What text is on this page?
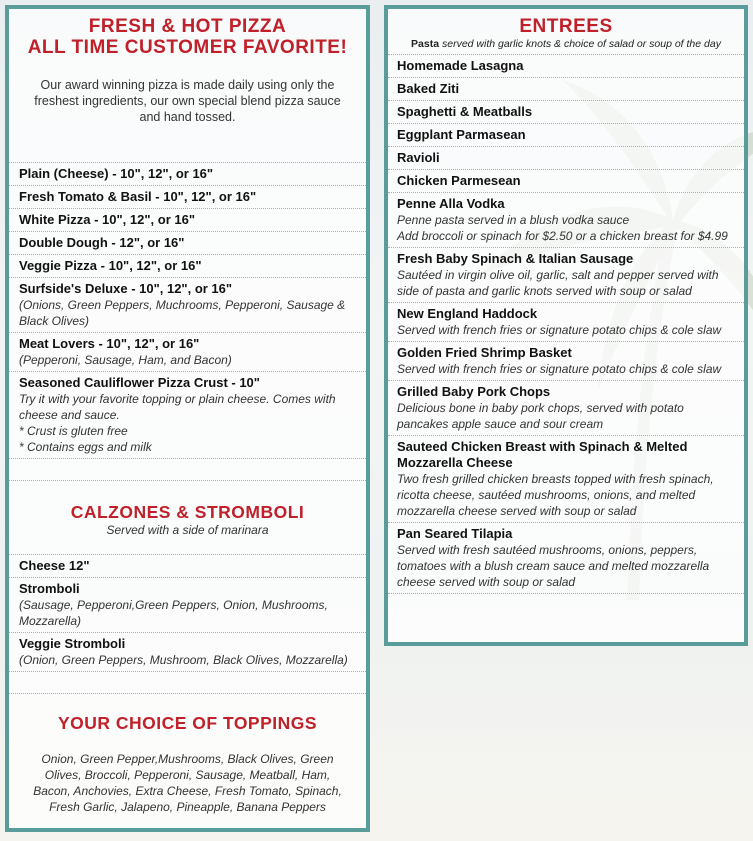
FRESH & HOT PIZZA
ALL TIME CUSTOMER FAVORITE!
Our award winning pizza is made daily using only the freshest ingredients, our own special blend pizza sauce and hand tossed.
Plain (Cheese) - 10", 12", or 16"
Fresh Tomato & Basil - 10", 12", or 16"
White Pizza - 10", 12", or 16"
Double Dough - 12", or 16"
Veggie Pizza - 10", 12", or 16"
Surfside's Deluxe - 10", 12", or 16"
(Onions, Green Peppers, Muchrooms, Pepperoni, Sausage & Black Olives)
Meat Lovers - 10", 12", or 16"
(Pepperoni, Sausage, Ham, and Bacon)
Seasoned Cauliflower Pizza Crust - 10"
Try it with your favorite topping or plain cheese. Comes with cheese and sauce.
* Crust is gluten free
* Contains eggs and milk
CALZONES & STROMBOLI
Served with a side of marinara
Cheese 12"
Stromboli
(Sausage, Pepperoni,Green Peppers, Onion, Mushrooms, Mozzarella)
Veggie Stromboli
(Onion, Green Peppers, Mushroom, Black Olives, Mozzarella)
YOUR CHOICE OF TOPPINGS
Onion, Green Pepper,Mushrooms, Black Olives, Green Olives, Broccoli, Pepperoni, Sausage, Meatball, Ham, Bacon, Anchovies, Extra Cheese, Fresh Tomato, Spinach, Fresh Garlic, Jalapeno, Pineapple, Banana Peppers
ENTREES
Pasta served with garlic knots & choice of salad or soup of the day
Homemade Lasagna
Baked Ziti
Spaghetti & Meatballs
Eggplant Parmasean
Ravioli
Chicken Parmesean
Penne Alla Vodka
Penne pasta served in a blush vodka sauce
Add broccoli or spinach for $2.50 or a chicken breast for $4.99
Fresh Baby Spinach & Italian Sausage
Sautéed in virgin olive oil, garlic, salt and pepper served with side of pasta and garlic knots served with soup or salad
New England Haddock
Served with french fries or signature potato chips & cole slaw
Golden Fried Shrimp Basket
Served with french fries or signature potato chips & cole slaw
Grilled Baby Pork Chops
Delicious bone in baby pork chops, served with potato pancakes apple sauce and sour cream
Sauteed Chicken Breast with Spinach & Melted Mozzarella Cheese
Two fresh grilled chicken breasts topped with fresh spinach, ricotta cheese, sautéed mushrooms, onions, and melted mozzarella cheese served with soup or salad
Pan Seared Tilapia
Served with fresh sautéed mushrooms, onions, peppers, tomatoes with a blush cream sauce and melted mozzarella cheese served with soup or salad
